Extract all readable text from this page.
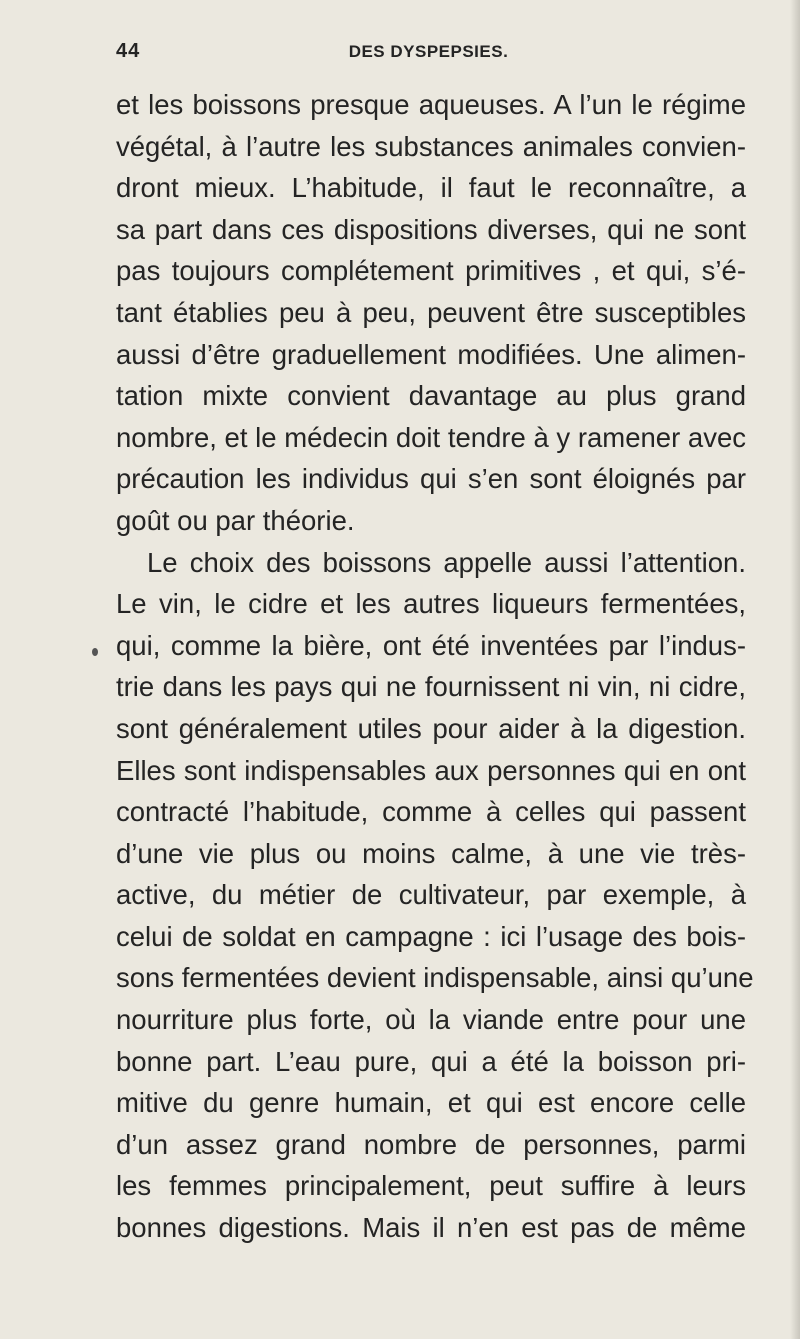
44	DES DYSPEPSIES.
et les boissons presque aqueuses. A l’un le régime
végétal, à l’autre les substances animales convien-
dront mieux. L’habitude, il faut le reconnaître, a
sa part dans ces dispositions diverses, qui ne sont
pas toujours complétement primitives , et qui, s’é-
tant établies peu à peu, peuvent être susceptibles
aussi d’être graduellement modifiées. Une alimen-
tation mixte convient davantage au plus grand
nombre, et le médecin doit tendre à y ramener avec
précaution les individus qui s’en sont éloignés par
goût ou par théorie.
Le choix des boissons appelle aussi l’attention.
Le vin, le cidre et les autres liqueurs fermentées,
qui, comme la bière, ont été inventées par l’indus-
trie dans les pays qui ne fournissent ni vin, ni cidre,
sont généralement utiles pour aider à la digestion.
Elles sont indispensables aux personnes qui en ont
contracté l’habitude, comme à celles qui passent
d’une vie plus ou moins calme, à une vie très-
active, du métier de cultivateur, par exemple, à
celui de soldat en campagne : ici l’usage des bois-
sons fermentées devient indispensable, ainsi qu’une
nourriture plus forte, où la viande entre pour une
bonne part. L’eau pure, qui a été la boisson pri-
mitive du genre humain, et qui est encore celle
d’un assez grand nombre de personnes, parmi
les femmes principalement, peut suffire à leurs
bonnes digestions. Mais il n’en est pas de même
